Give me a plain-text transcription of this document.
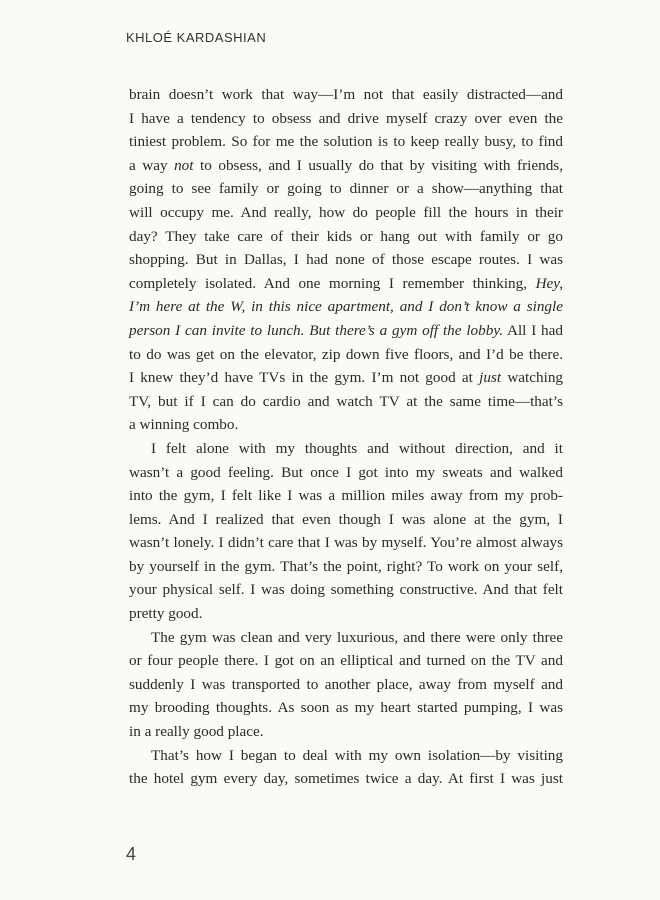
KHLOÉ KARDASHIAN
brain doesn’t work that way—I’m not that easily distracted—and
I have a tendency to obsess and drive myself crazy over even the
tiniest problem. So for me the solution is to keep really busy, to find
a way not to obsess, and I usually do that by visiting with friends,
going to see family or going to dinner or a show—anything that
will occupy me. And really, how do people fill the hours in their
day? They take care of their kids or hang out with family or go
shopping. But in Dallas, I had none of those escape routes. I was
completely isolated. And one morning I remember thinking, Hey,
I’m here at the W, in this nice apartment, and I don’t know a single
person I can invite to lunch. But there’s a gym off the lobby. All I had
to do was get on the elevator, zip down five floors, and I’d be there.
I knew they’d have TVs in the gym. I’m not good at just watching
TV, but if I can do cardio and watch TV at the same time—that’s
a winning combo.
I felt alone with my thoughts and without direction, and it
wasn’t a good feeling. But once I got into my sweats and walked
into the gym, I felt like I was a million miles away from my prob-
lems. And I realized that even though I was alone at the gym, I
wasn’t lonely. I didn’t care that I was by myself. You’re almost always
by yourself in the gym. That’s the point, right? To work on your self,
your physical self. I was doing something constructive. And that felt
pretty good.
The gym was clean and very luxurious, and there were only three
or four people there. I got on an elliptical and turned on the TV and
suddenly I was transported to another place, away from myself and
my brooding thoughts. As soon as my heart started pumping, I was
in a really good place.
That’s how I began to deal with my own isolation—by visiting
the hotel gym every day, sometimes twice a day. At first I was just
4
